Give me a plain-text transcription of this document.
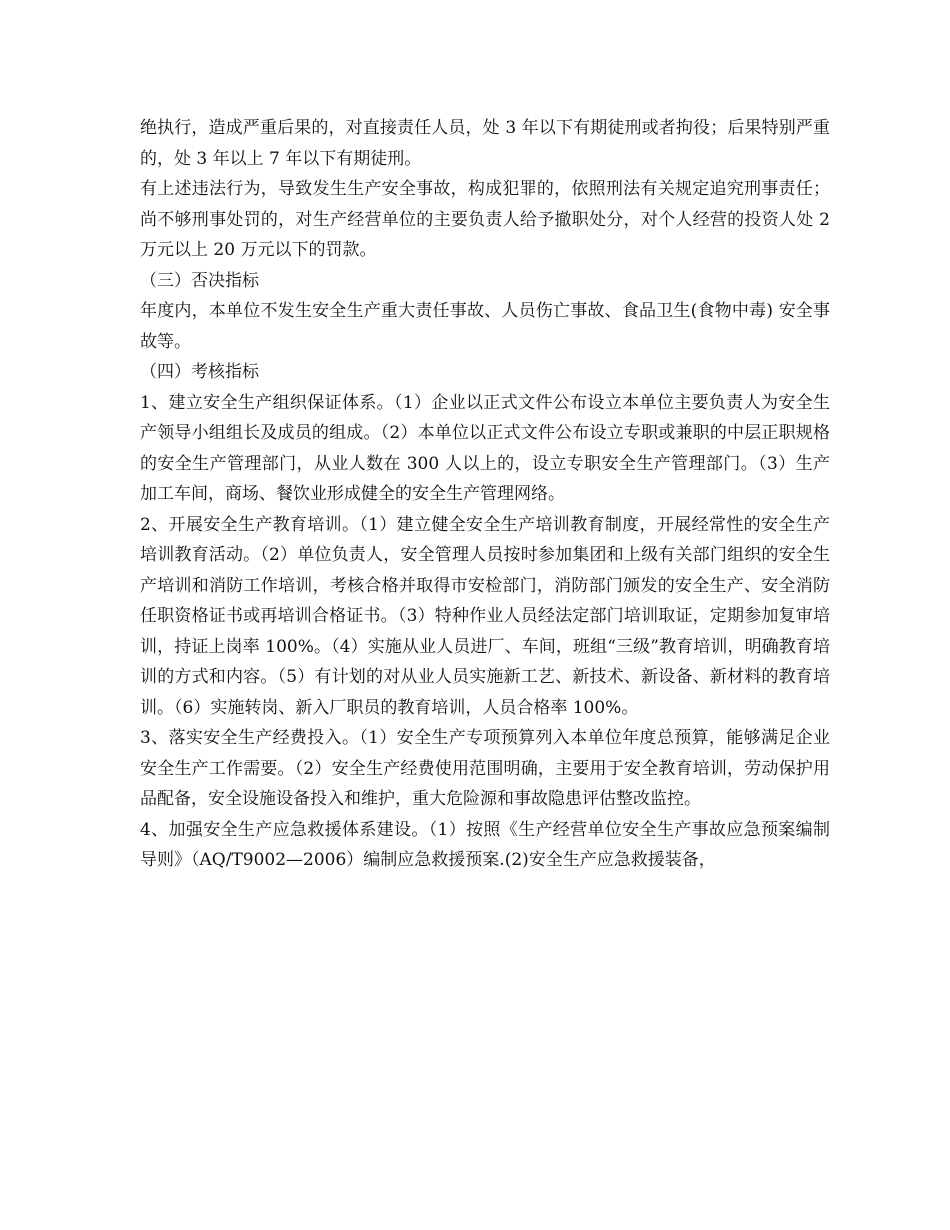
绝执行，造成严重后果的，对直接责任人员，处 3 年以下有期徒刑或者拘役；后果特别严重的，处 3 年以上 7 年以下有期徒刑。

有上述违法行为，导致发生生产安全事故，构成犯罪的，依照刑法有关规定追究刑事责任；尚不够刑事处罚的，对生产经营单位的主要负责人给予撤职处分，对个人经营的投资人处 2 万元以上 20 万元以下的罚款。

（三）否决指标

年度内，本单位不发生安全生产重大责任事故、人员伤亡事故、食品卫生(食物中毒) 安全事故等。

（四）考核指标

1、建立安全生产组织保证体系。（1）企业以正式文件公布设立本单位主要负责人为安全生产领导小组组长及成员的组成。（2）本单位以正式文件公布设立专职或兼职的中层正职规格的安全生产管理部门，从业人数在 300 人以上的，设立专职安全生产管理部门。（3）生产加工车间，商场、餐饮业形成健全的安全生产管理网络。

2、开展安全生产教育培训。（1）建立健全安全生产培训教育制度，开展经常性的安全生产培训教育活动。（2）单位负责人，安全管理人员按时参加集团和上级有关部门组织的安全生产培训和消防工作培训，考核合格并取得市安检部门，消防部门颁发的安全生产、安全消防任职资格证书或再培训合格证书。（3）特种作业人员经法定部门培训取证，定期参加复审培训，持证上岗率 100%。（4）实施从业人员进厂、车间，班组“三级”教育培训，明确教育培训的方式和内容。（5）有计划的对从业人员实施新工艺、新技术、新设备、新材料的教育培训。（6）实施转岗、新入厂职员的教育培训，人员合格率 100%。

3、落实安全生产经费投入。（1）安全生产专项预算列入本单位年度总预算，能够满足企业安全生产工作需要。（2）安全生产经费使用范围明确，主要用于安全教育培训，劳动保护用品配备，安全设施设备投入和维护，重大危险源和事故隐患评估整改监控。

4、加强安全生产应急救援体系建设。（1）按照《生产经营单位安全生产事故应急预案编制导则》（AQ/T9002—2006）编制应急救援预案.(2)安全生产应急救援装备，
